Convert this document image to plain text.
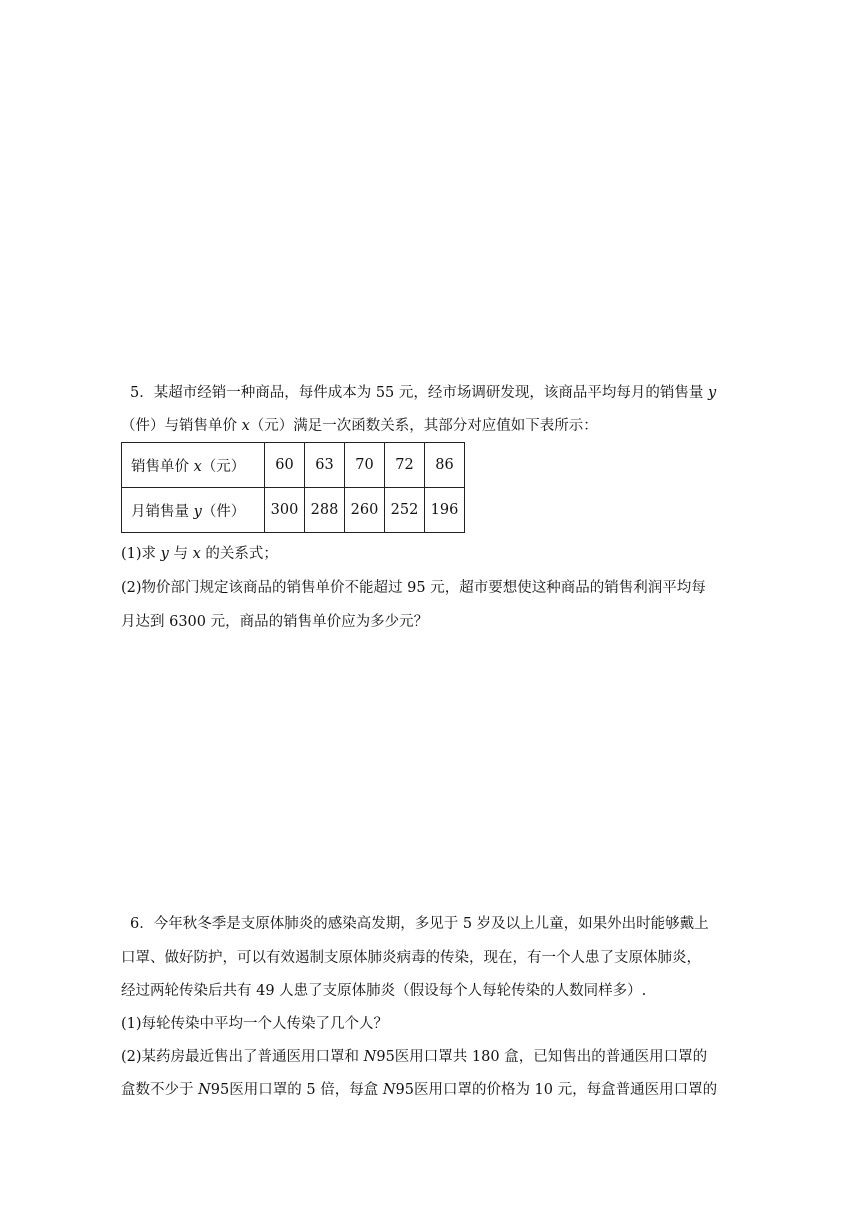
5．某超市经销一种商品，每件成本为 55 元，经市场调研发现，该商品平均每月的销售量 y
（件）与销售单价 x（元）满足一次函数关系，其部分对应值如下表所示：
销售单价 x（元）	60	63	70	72	86
月销售量 y（件）	300	288	260	252	196
(1)求 y 与 x 的关系式；
(2)物价部门规定该商品的销售单价不能超过 95 元，超市要想使这种商品的销售利润平均每
月达到 6300 元，商品的销售单价应为多少元？
6．今年秋冬季是支原体肺炎的感染高发期，多见于 5 岁及以上儿童，如果外出时能够戴上
口罩、做好防护，可以有效遏制支原体肺炎病毒的传染，现在，有一个人患了支原体肺炎，
经过两轮传染后共有 49 人患了支原体肺炎（假设每个人每轮传染的人数同样多）.
(1)每轮传染中平均一个人传染了几个人？
(2)某药房最近售出了普通医用口罩和 N95医用口罩共 180 盒，已知售出的普通医用口罩的
盒数不少于 N95医用口罩的 5 倍，每盒 N95医用口罩的价格为 10 元，每盒普通医用口罩的
